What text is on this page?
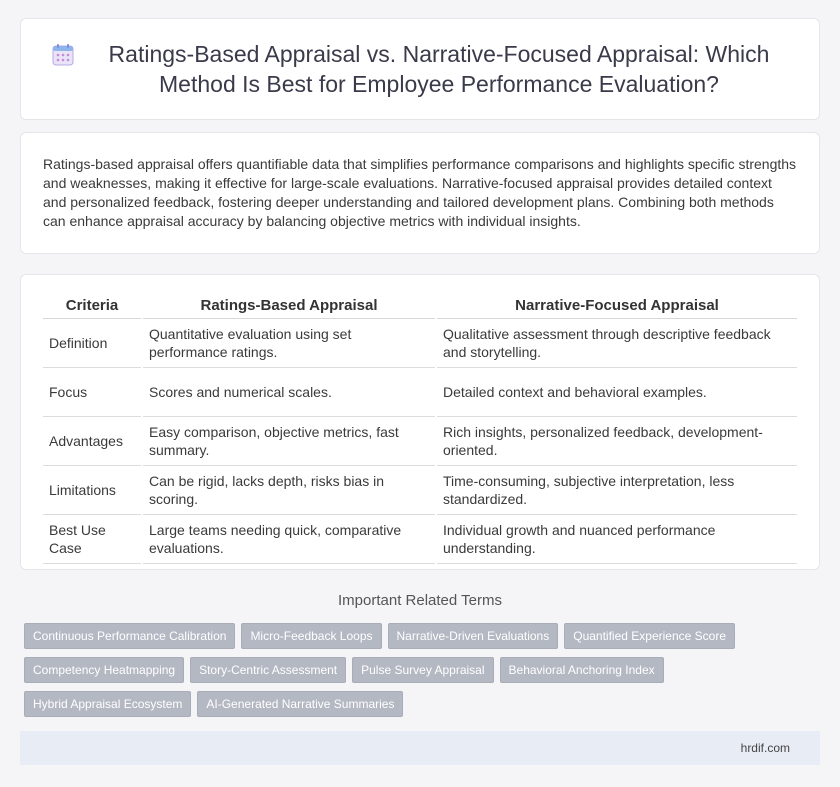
Ratings-Based Appraisal vs. Narrative-Focused Appraisal: Which Method Is Best for Employee Performance Evaluation?
Ratings-based appraisal offers quantifiable data that simplifies performance comparisons and highlights specific strengths and weaknesses, making it effective for large-scale evaluations. Narrative-focused appraisal provides detailed context and personalized feedback, fostering deeper understanding and tailored development plans. Combining both methods can enhance appraisal accuracy by balancing objective metrics with individual insights.
Criteria	Ratings-Based Appraisal	Narrative-Focused Appraisal
Definition	Quantitative evaluation using set performance ratings.	Qualitative assessment through descriptive feedback and storytelling.
Focus	Scores and numerical scales.	Detailed context and behavioral examples.
Advantages	Easy comparison, objective metrics, fast summary.	Rich insights, personalized feedback, development-oriented.
Limitations	Can be rigid, lacks depth, risks bias in scoring.	Time-consuming, subjective interpretation, less standardized.
Best Use Case	Large teams needing quick, comparative evaluations.	Individual growth and nuanced performance understanding.
Important Related Terms
Continuous Performance Calibration	Micro-Feedback Loops	Narrative-Driven Evaluations	Quantified Experience Score
Competency Heatmapping	Story-Centric Assessment	Pulse Survey Appraisal	Behavioral Anchoring Index
Hybrid Appraisal Ecosystem	AI-Generated Narrative Summaries
hrdif.com
